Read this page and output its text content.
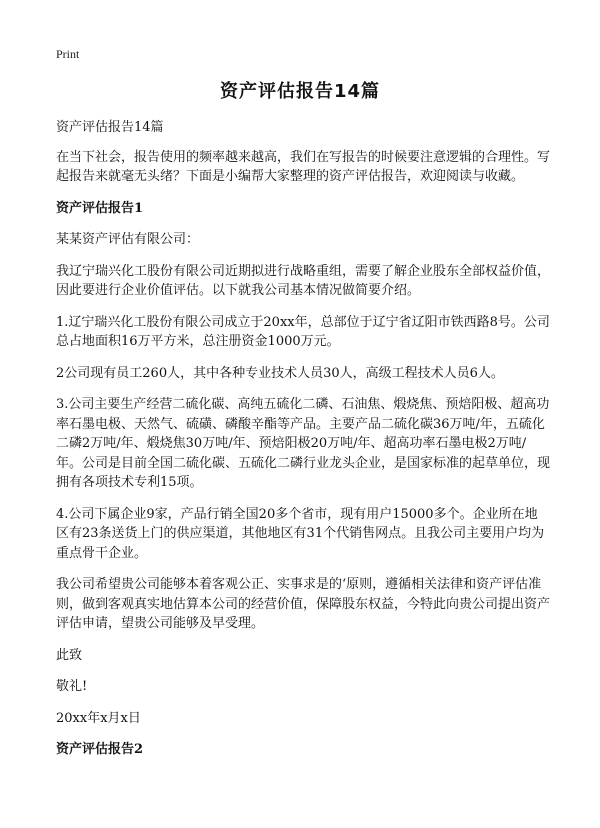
Print
资产评估报告14篇

资产评估报告14篇

在当下社会，报告使用的频率越来越高，我们在写报告的时候要注意逻辑的合理性。写起报告来就毫无头绪？下面是小编帮大家整理的资产评估报告，欢迎阅读与收藏。

资产评估报告1

某某资产评估有限公司：

我辽宁瑞兴化工股份有限公司近期拟进行战略重组，需要了解企业股东全部权益价值，因此要进行企业价值评估。以下就我公司基本情况做简要介绍。

1.辽宁瑞兴化工股份有限公司成立于20xx年，总部位于辽宁省辽阳市铁西路8号。公司总占地面积16万平方米，总注册资金1000万元。

2公司现有员工260人，其中各种专业技术人员30人，高级工程技术人员6人。

3.公司主要生产经营二硫化碳、高纯五硫化二磷、石油焦、煅烧焦、预焙阳极、超高功率石墨电极、天然气、硫磺、磷酸辛酯等产品。主要产品二硫化碳36万吨/年，五硫化二磷2万吨/年、煅烧焦30万吨/年、预焙阳极20万吨/年、超高功率石墨电极2万吨/年。公司是目前全国二硫化碳、五硫化二磷行业龙头企业，是国家标准的起草单位，现拥有各项技术专利15项。

4.公司下属企业9家，产品行销全国20多个省市，现有用户15000多个。企业所在地区有23条送货上门的供应渠道，其他地区有31个代销售网点。且我公司主要用户均为重点骨干企业。

我公司希望贵公司能够本着客观公正、实事求是的‘原则，遵循相关法律和资产评估准则，做到客观真实地估算本公司的经营价值，保障股东权益，今特此向贵公司提出资产评估申请，望贵公司能够及早受理。

此致

敬礼!

20xx年x月x日

资产评估报告2
